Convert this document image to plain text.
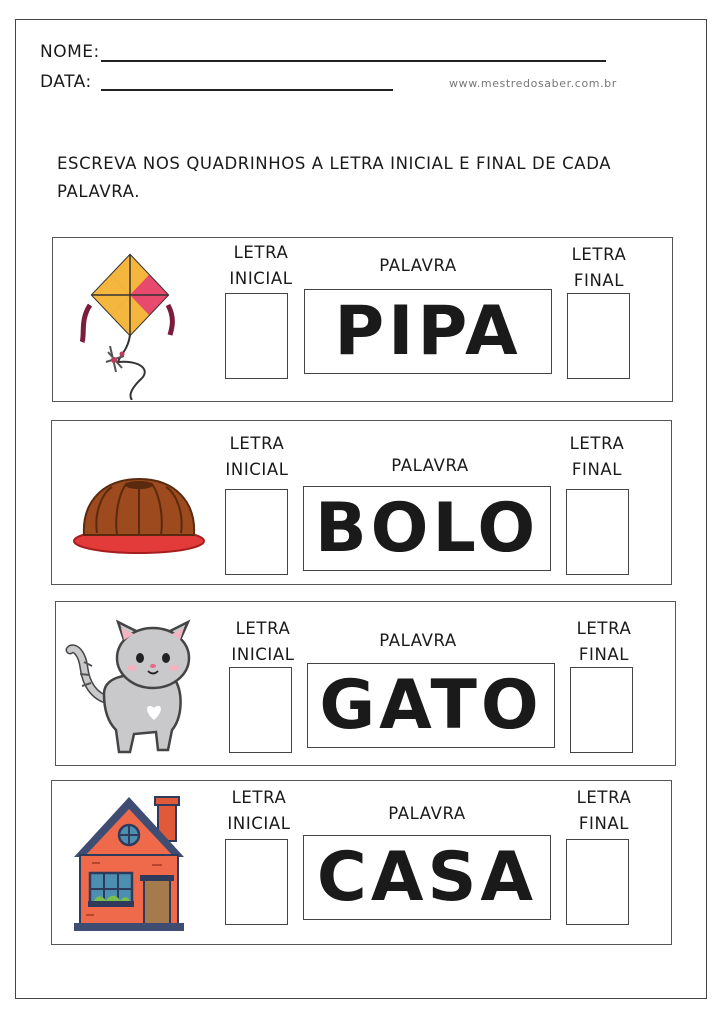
NOME:
DATA:	www.mestredosaber.com.br
ESCREVA NOS QUADRINHOS A LETRA INICIAL E FINAL DE CADA PALAVRA.
LETRA
INICIAL
PALAVRA
PIPA
LETRA
FINAL
LETRA
INICIAL	PALAVRA
BOLO
LETRA
FINAL
LETRA
INICIAL
PALAVRA
GATO
LETRA
FINAL
LETRA
INICIAL
PALAVRA
CASA
LETRA
FINAL
